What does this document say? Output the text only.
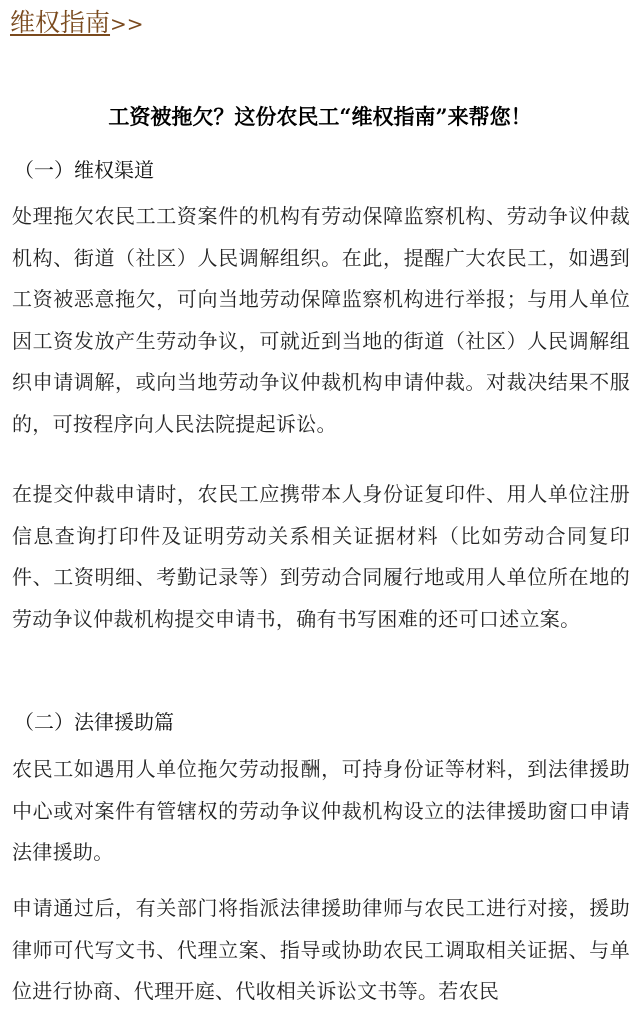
维权指南>>
工资被拖欠？这份农民工“维权指南”来帮您！
（一）维权渠道

处理拖欠农民工工资案件的机构有劳动保障监察机构、劳动争议仲裁机构、街道（社区）人民调解组织。在此，提醒广大农民工，如遇到工资被恶意拖欠，可向当地劳动保障监察机构进行举报；与用人单位因工资发放产生劳动争议，可就近到当地的街道（社区）人民调解组织申请调解，或向当地劳动争议仲裁机构申请仲裁。对裁决结果不服的，可按程序向人民法院提起诉讼。

在提交仲裁申请时，农民工应携带本人身份证复印件、用人单位注册信息查询打印件及证明劳动关系相关证据材料（比如劳动合同复印件、工资明细、考勤记录等）到劳动合同履行地或用人单位所在地的劳动争议仲裁机构提交申请书，确有书写困难的还可口述立案。

（二）法律援助篇

农民工如遇用人单位拖欠劳动报酬，可持身份证等材料，到法律援助中心或对案件有管辖权的劳动争议仲裁机构设立的法律援助窗口申请法律援助。

申请通过后，有关部门将指派法律援助律师与农民工进行对接，援助律师可代写文书、代理立案、指导或协助农民工调取相关证据、与单位进行协商、代理开庭、代收相关诉讼文书等。若农民
